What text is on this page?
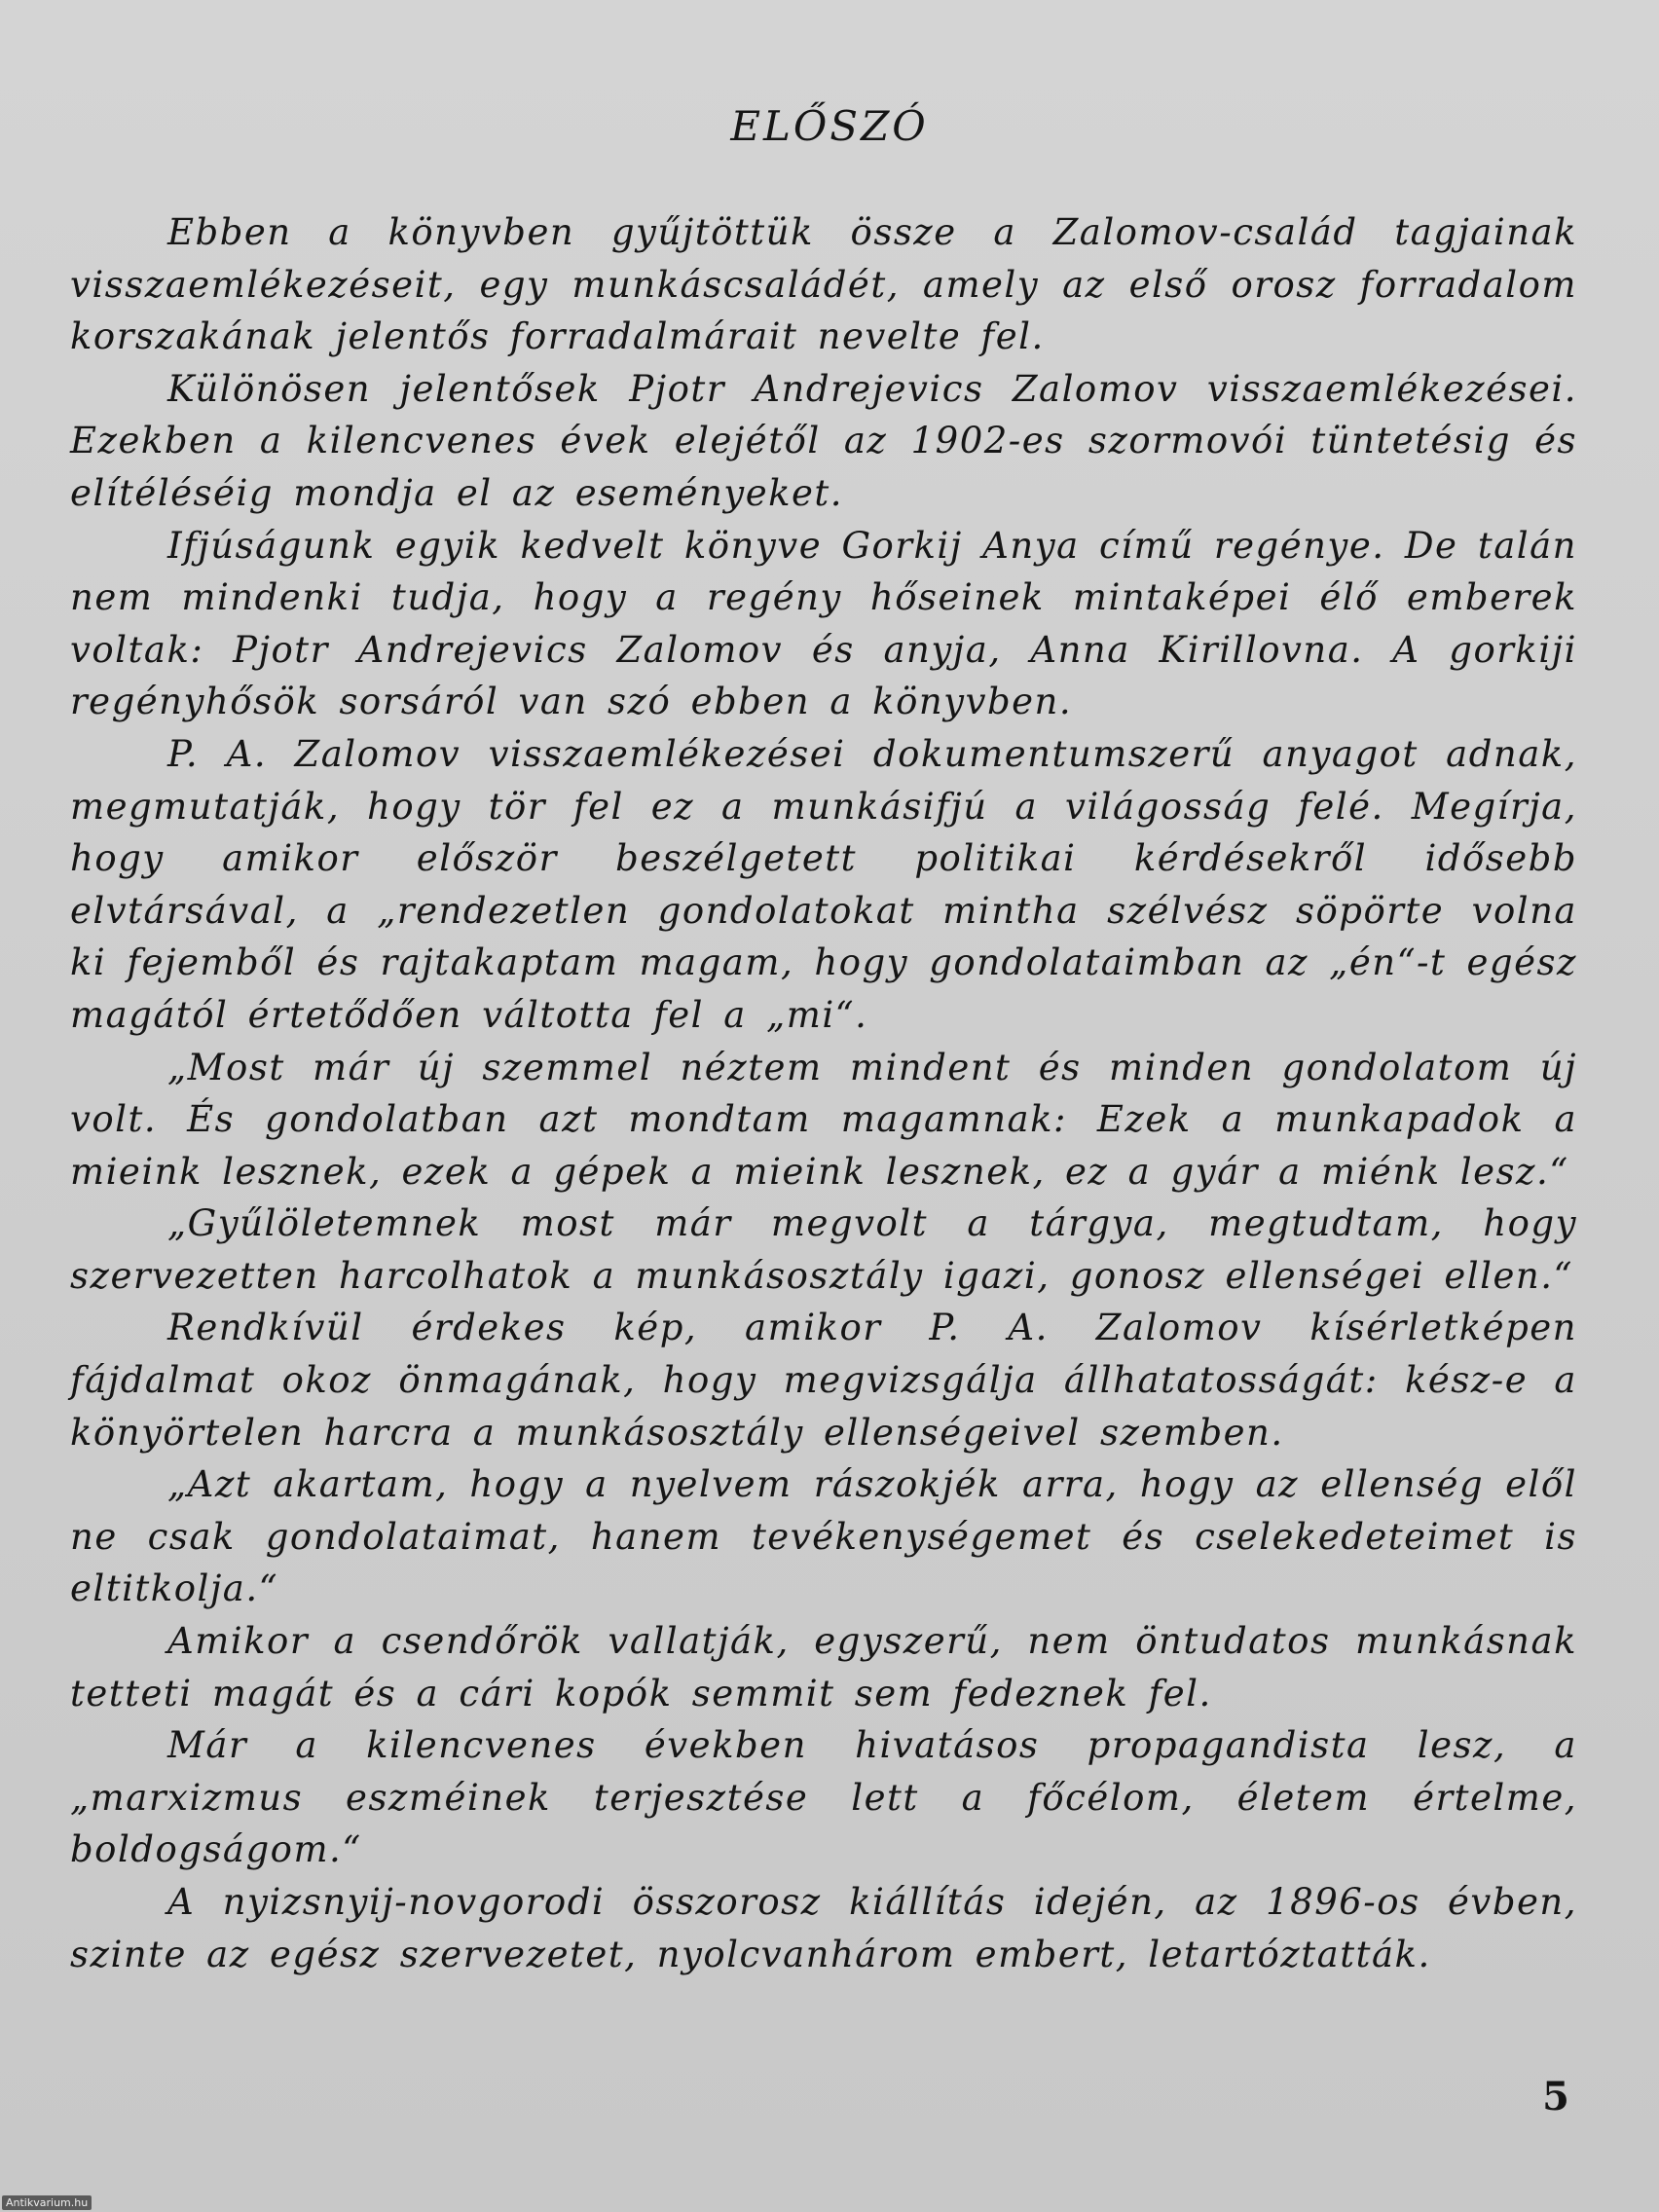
ELŐSZÓ

Ebben a könyvben gyűjtöttük össze a Zalomov-család tagjainak visszaemlékezéseit, egy munkáscsaládét, amely az első orosz forradalom korszakának jelentős forradalmárait nevelte fel.

Különösen jelentősek Pjotr Andrejevics Zalomov visszaemlékezései. Ezekben a kilencvenes évek elejétől az 1902-es szormovói tüntetésig és elítéléséig mondja el az eseményeket.

Ifjúságunk egyik kedvelt könyve Gorkij Anya című regénye. De talán nem mindenki tudja, hogy a regény hőseinek mintaképei élő emberek voltak: Pjotr Andrejevics Zalomov és anyja, Anna Kirillovna. A gorkiji regényhősök sorsáról van szó ebben a könyvben.

P. A. Zalomov visszaemlékezései dokumentumszerű anyagot adnak, megmutatják, hogy tör fel ez a munkásifjú a világosság felé. Megírja, hogy amikor először beszélgetett politikai kérdésekről idősebb elvtársával, a „rendezetlen gondolatokat mintha szélvész söpörte volna ki fejemből és rajtakaptam magam, hogy gondolataimban az „én“-t egész magától értetődően váltotta fel a „mi“.

„Most már új szemmel néztem mindent és minden gondolatom új volt. És gondolatban azt mondtam magamnak: Ezek a munkapadok a mieink lesznek, ezek a gépek a mieink lesznek, ez a gyár a miénk lesz.“

„Gyűlöletemnek most már megvolt a tárgya, megtudtam, hogy szervezetten harcolhatok a munkásosztály igazi, gonosz ellenségei ellen.“

Rendkívül érdekes kép, amikor P. A. Zalomov kísérletképen fájdalmat okoz önmagának, hogy megvizsgálja állhatatosságát: kész-e a könyörtelen harcra a munkásosztály ellenségeivel szemben.

„Azt akartam, hogy a nyelvem rászokjék arra, hogy az ellenség elől ne csak gondolataimat, hanem tevékenységemet és cselekedeteimet is eltitkolja.“

Amikor a csendőrök vallatják, egyszerű, nem öntudatos munkásnak tetteti magát és a cári kopók semmit sem fedeznek fel.

Már a kilencvenes években hivatásos propagandista lesz, a „marxizmus eszméinek terjesztése lett a főcélom, életem értelme, boldogságom.“

A nyizsnyij-novgorodi összorosz kiállítás idején, az 1896-os évben, szinte az egész szervezetet, nyolcvanhárom embert, letartóztatták.

5
Antikvarium.hu
